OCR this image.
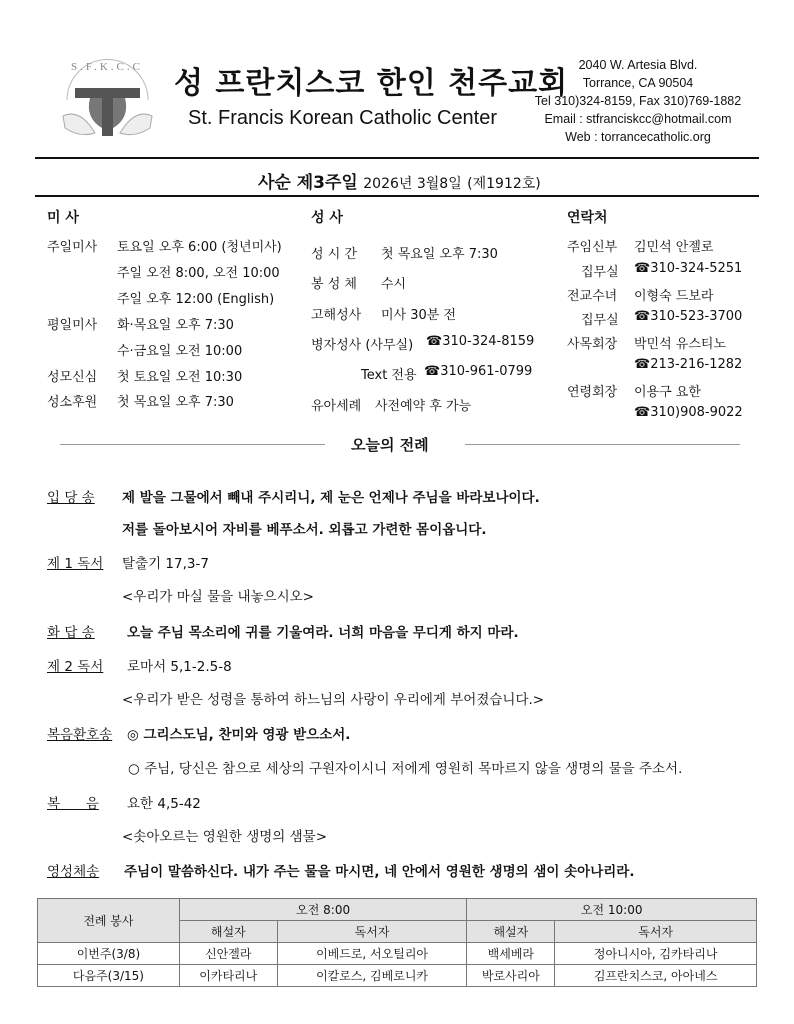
S.F.K.C.C
+	+
성 프란치스코 한인 천주교회
St. Francis Korean Catholic Center
2040 W. Artesia Blvd.
Torrance, CA 90504
Tel 310)324-8159, Fax 310)769-1882
Email : stfranciskcc@hotmail.com
Web : torrancecatholic.org
사순 제3주일 2026년 3월8일 (제1912호)
미 사	성 사	연락처
주일미사 토요일 오후 6:00 (청년미사)
주일 오전 8:00, 오전 10:00
주일 오후 12:00 (English)
평일미사 화·목요일 오후 7:30
수·금요일 오전 10:00
성모신심 첫 토요일 오전 10:30
성소후원 첫 목요일 오후 7:30
성 시 간 첫 목요일 오후 7:30
봉 성 체 수시
고해성사 미사 30분 전
병자성사 (사무실) ☎310-324-8159
Text 전용 ☎310-961-0799
유아세례 사전예약 후 가능
주임신부 김민석 안젤로
집무실 ☎310-324-5251
전교수녀 이형숙 드보라
집무실 ☎310-523-3700
사목회장 박민석 유스티노
☎213-216-1282
연령회장 이용구 요한
☎310)908-9022
오늘의 전례
입 당 송 제 발을 그물에서 빼내 주시리니, 제 눈은 언제나 주님을 바라보나이다.
저를 돌아보시어 자비를 베푸소서. 외롭고 가련한 몸이옵니다.
제 1 독서 탈출기 17,3-7
<우리가 마실 물을 내놓으시오>
화 답 송 오늘 주님 목소리에 귀를 기울여라. 너희 마음을 무디게 하지 마라.
제 2 독서 로마서 5,1-2.5-8
<우리가 받은 성령을 통하여 하느님의 사랑이 우리에게 부어졌습니다.>
복음환호송 ◎ 그리스도님, 찬미와 영광 받으소서.
○ 주님, 당신은 참으로 세상의 구원자이시니 저에게 영원히 목마르지 않을 생명의 물을 주소서.
복      음 요한 4,5-42
<솟아오르는 영원한 생명의 샘물>
영성체송 주님이 말씀하신다. 내가 주는 물을 마시면, 네 안에서 영원한 생명의 샘이 솟아나리라.
전례 봉사	오전 8:00		오전 10:00	
	해설자	독서자	해설자	독서자
이번주(3/8)	신안젤라	이베드로, 서오틸리아	백세베라	정아니시아, 김카타리나
다음주(3/15)	이카타리나	이칼로스, 김베로니카	박로사리아	김프란치스코, 아아네스
